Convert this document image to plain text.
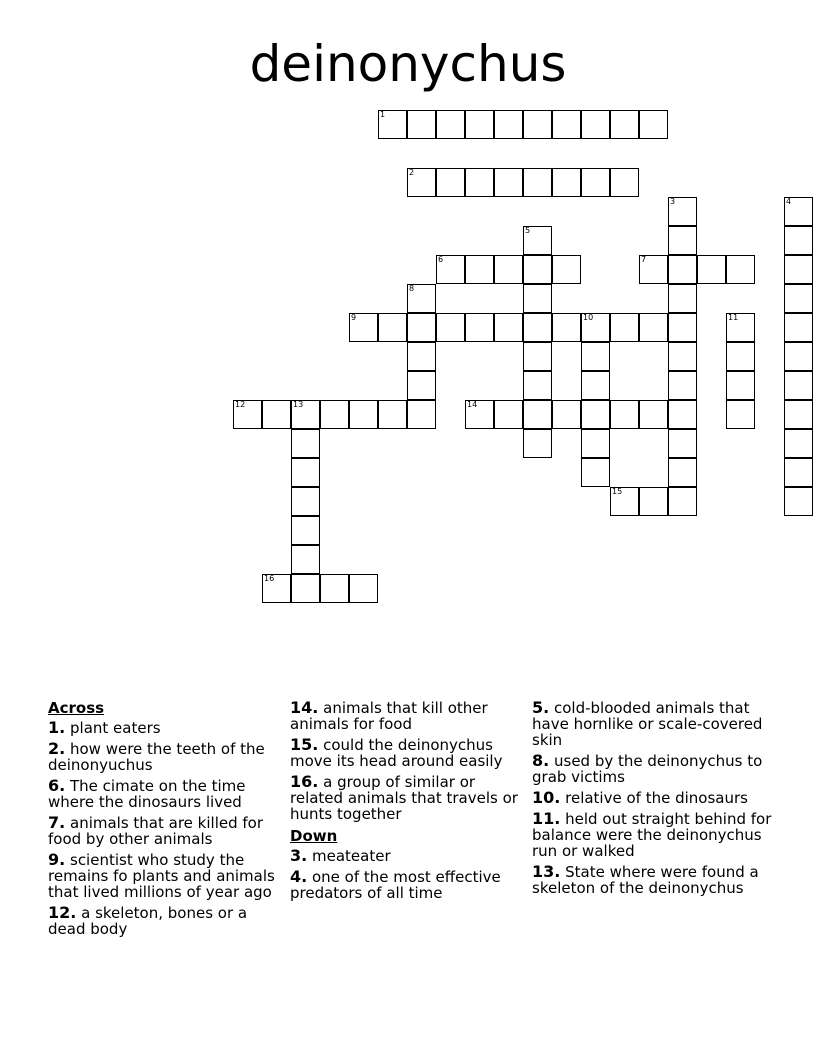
deinonychus
1
2
3	4
5
6	7
8
9	10	11
12	13	14
15
16
Across
1. plant eaters
2. how were the teeth of the deinonyuchus
6. The cimate on the time where the dinosaurs lived
7. animals that are killed for food by other animals
9. scientist who study the remains fo plants and animals that lived millions of year ago
12. a skeleton, bones or a dead body
14. animals that kill other animals for food
15. could the deinonychus move its head around easily
16. a group of similar or related animals that travels or hunts together
Down
3. meateater
4. one of the most effective predators of all time
5. cold-blooded animals that have hornlike or scale-covered skin
8. used by the deinonychus to grab victims
10. relative of the dinosaurs
11. held out straight behind for balance were the deinonychus run or walked
13. State where were found a skeleton of the deinonychus
